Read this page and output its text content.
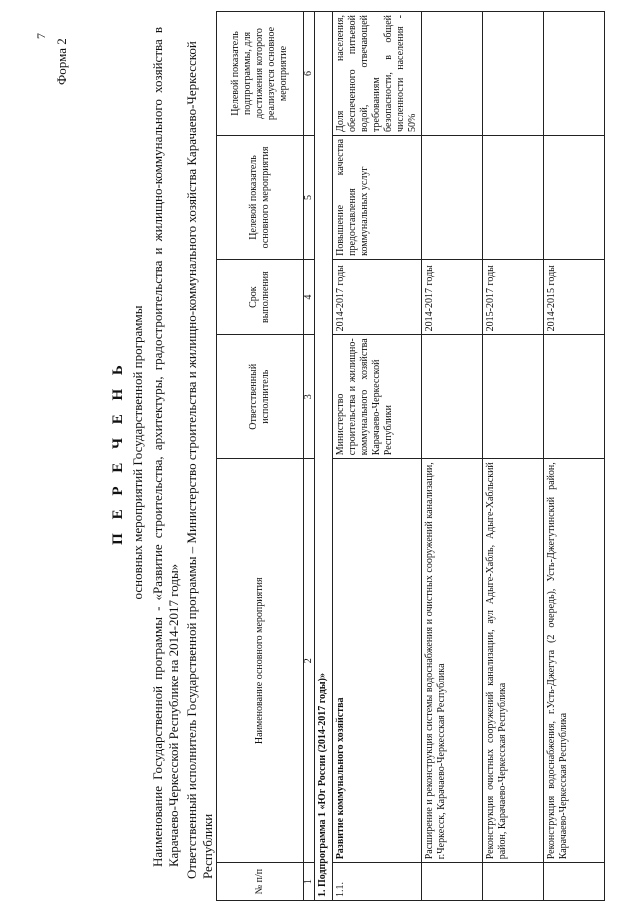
7
Форма 2
П Е Р Е Ч Е Н Ь основных мероприятий Государственной программы Наименование Государственной программы - «Развитие строительства, архитектуры, градостроительства и жилищно-коммунального хозяйства в Карачаево-Черкесской Республике на 2014-2017 годы» Ответственный исполнитель Государственной программы – Министерство строительства и жилищно-коммунального хозяйства Карачаево-Черкесской Республики
№ п/п	Наименование основного мероприятия	Ответственный исполнитель	Срок выполнения	Целевой показатель основного мероприятия	Целевой показатель подпрограммы, для достижения которого реализуется основное мероприятие
1	2	3	4	5	6
1. Подпрограмма 1 «Юг России (2014-2017 годы)»					
1.1.	Развитие коммунального хозяйства	Министерство строительства и жилищно-коммунального хозяйства Карачаево-Черкесской Республики	2014-2017 годы	Повышение качества предоставления коммунальных услуг	Доля населения, обеспеченного питьевой водой, отвечающей требованиям безопасности, в общей численности населения - 50%
	Расширение и реконструкция системы водоснабжения и очистных сооружений канализации, г.Черкесск, Карачаево-Черкесская Республика		2014-2017 годы		
	Реконструкция очистных сооружений канализации, аул Адыге-Хабль, Адыге-Хабльский район, Карачаево-Черкесская Республика		2015-2017 годы		
	Реконструкция водоснабжения, г.Усть-Джегута (2 очередь), Усть-Джегутинский район, Карачаево-Черкесская Республика		2014-2015 годы		
